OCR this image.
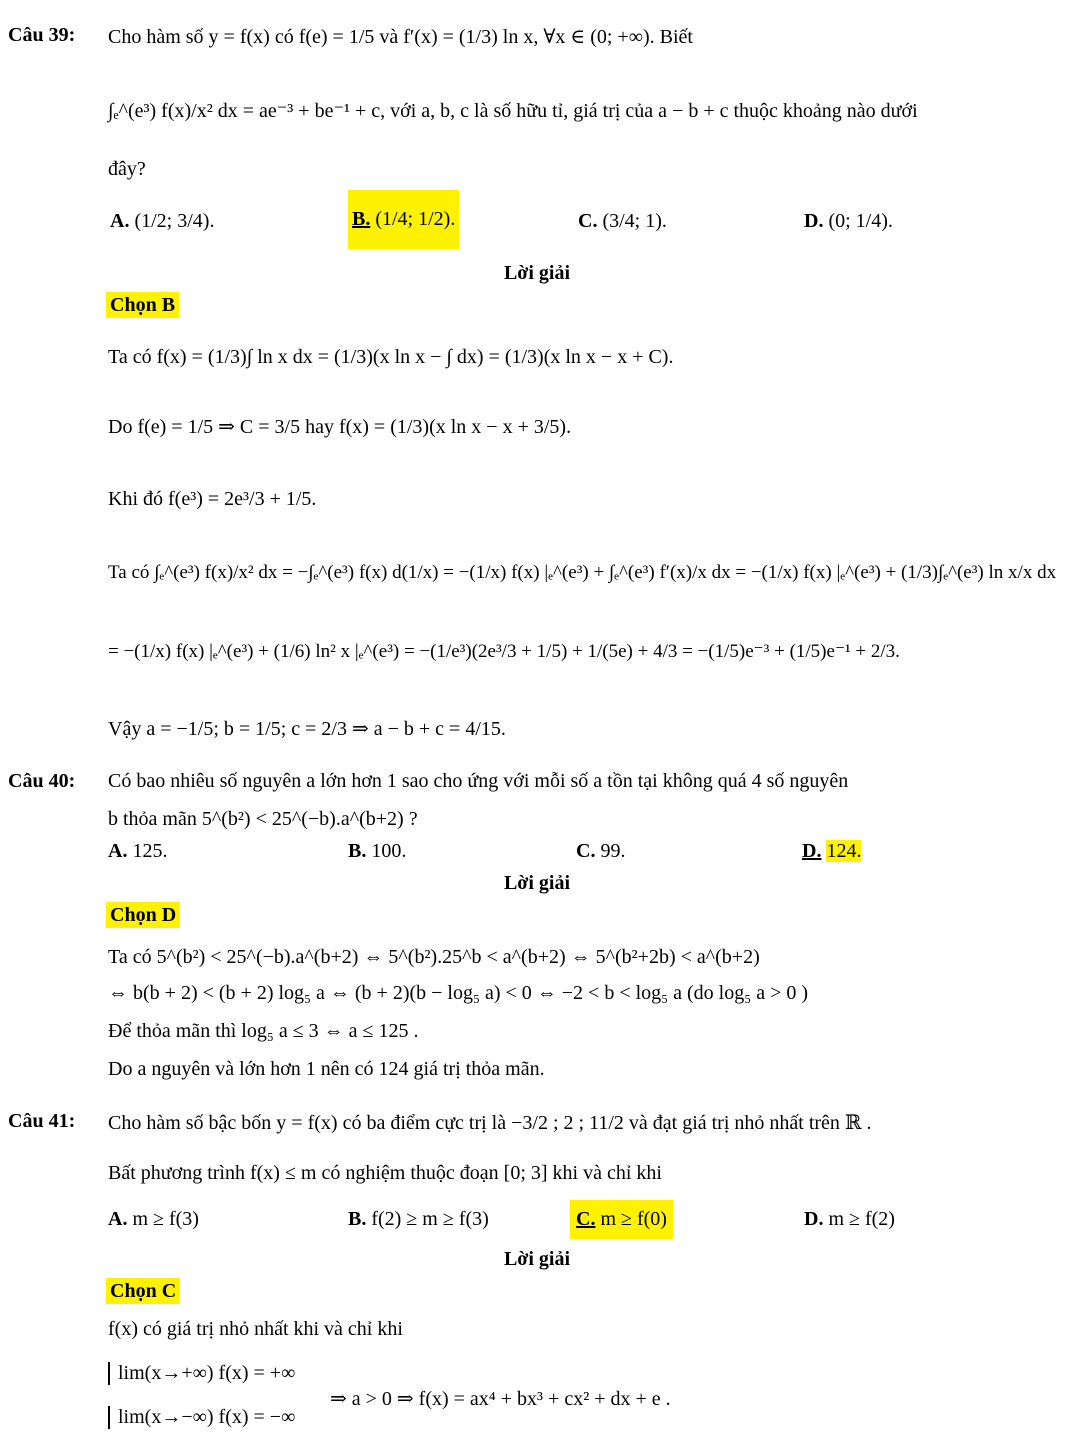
Câu 39: Cho hàm số y = f(x) có f(e) = 1/5 và f′(x) = (1/3) ln x, ∀x ∈ (0; +∞). Biết
∫ₑ^(e³) f(x)/x² dx = ae⁻³ + be⁻¹ + c, với a, b, c là số hữu tỉ, giá trị của a − b + c thuộc khoảng nào dưới
đây?
A. (1/2; 3/4).	B. (1/4; 1/2).	C. (3/4; 1).	D. (0; 1/4).
Lời giải
Chọn B
Ta có f(x) = (1/3)∫ ln x dx = (1/3)(x ln x − ∫ dx) = (1/3)(x ln x − x + C).
Do f(e) = 1/5 ⇒ C = 3/5 hay f(x) = (1/3)(x ln x − x + 3/5).
Khi đó f(e³) = 2e³/3 + 1/5.
Ta có ∫ₑ^(e³) f(x)/x² dx = −∫ₑ^(e³) f(x) d(1/x) = −(1/x) f(x) |ₑ^(e³) + ∫ₑ^(e³) f′(x)/x dx = −(1/x) f(x) |ₑ^(e³) + (1/3)∫ₑ^(e³) ln x/x dx
= −(1/x) f(x) |ₑ^(e³) + (1/6) ln² x |ₑ^(e³) = −(1/e³)(2e³/3 + 1/5) + 1/(5e) + 4/3 = −(1/5)e⁻³ + (1/5)e⁻¹ + 2/3.
Vậy a = −1/5; b = 1/5; c = 2/3 ⇒ a − b + c = 4/15.
Câu 40: Có bao nhiêu số nguyên a lớn hơn 1 sao cho ứng với mỗi số a tồn tại không quá 4 số nguyên
b thỏa mãn 5^(b²) < 25^(−b).a^(b+2) ?
A. 125.	B. 100.	C. 99.	D. 124.
Lời giải
Chọn D
Ta có 5^(b²) < 25^(−b).a^(b+2) ⇔ 5^(b²).25^b < a^(b+2) ⇔ 5^(b²+2b) < a^(b+2)
⇔ b(b + 2) < (b + 2) log₅ a ⇔ (b + 2)(b − log₅ a) < 0 ⇔ −2 < b < log₅ a (do log₅ a > 0 )
Để thỏa mãn thì log₅ a ≤ 3 ⇔ a ≤ 125 .
Do a nguyên và lớn hơn 1 nên có 124 giá trị thỏa mãn.
Câu 41: Cho hàm số bậc bốn y = f(x) có ba điểm cực trị là −3/2 ; 2 ; 11/2 và đạt giá trị nhỏ nhất trên ℝ .
Bất phương trình f(x) ≤ m có nghiệm thuộc đoạn [0; 3] khi và chỉ khi
A. m ≥ f(3)	B. f(2) ≥ m ≥ f(3)	C. m ≥ f(0)	D. m ≥ f(2)
Lời giải
Chọn C
f(x) có giá trị nhỏ nhất khi và chỉ khi
lim(x→+∞) f(x) = +∞
lim(x→−∞) f(x) = −∞
⇒ a > 0 ⇒ f(x) = ax⁴ + bx³ + cx² + dx + e .
